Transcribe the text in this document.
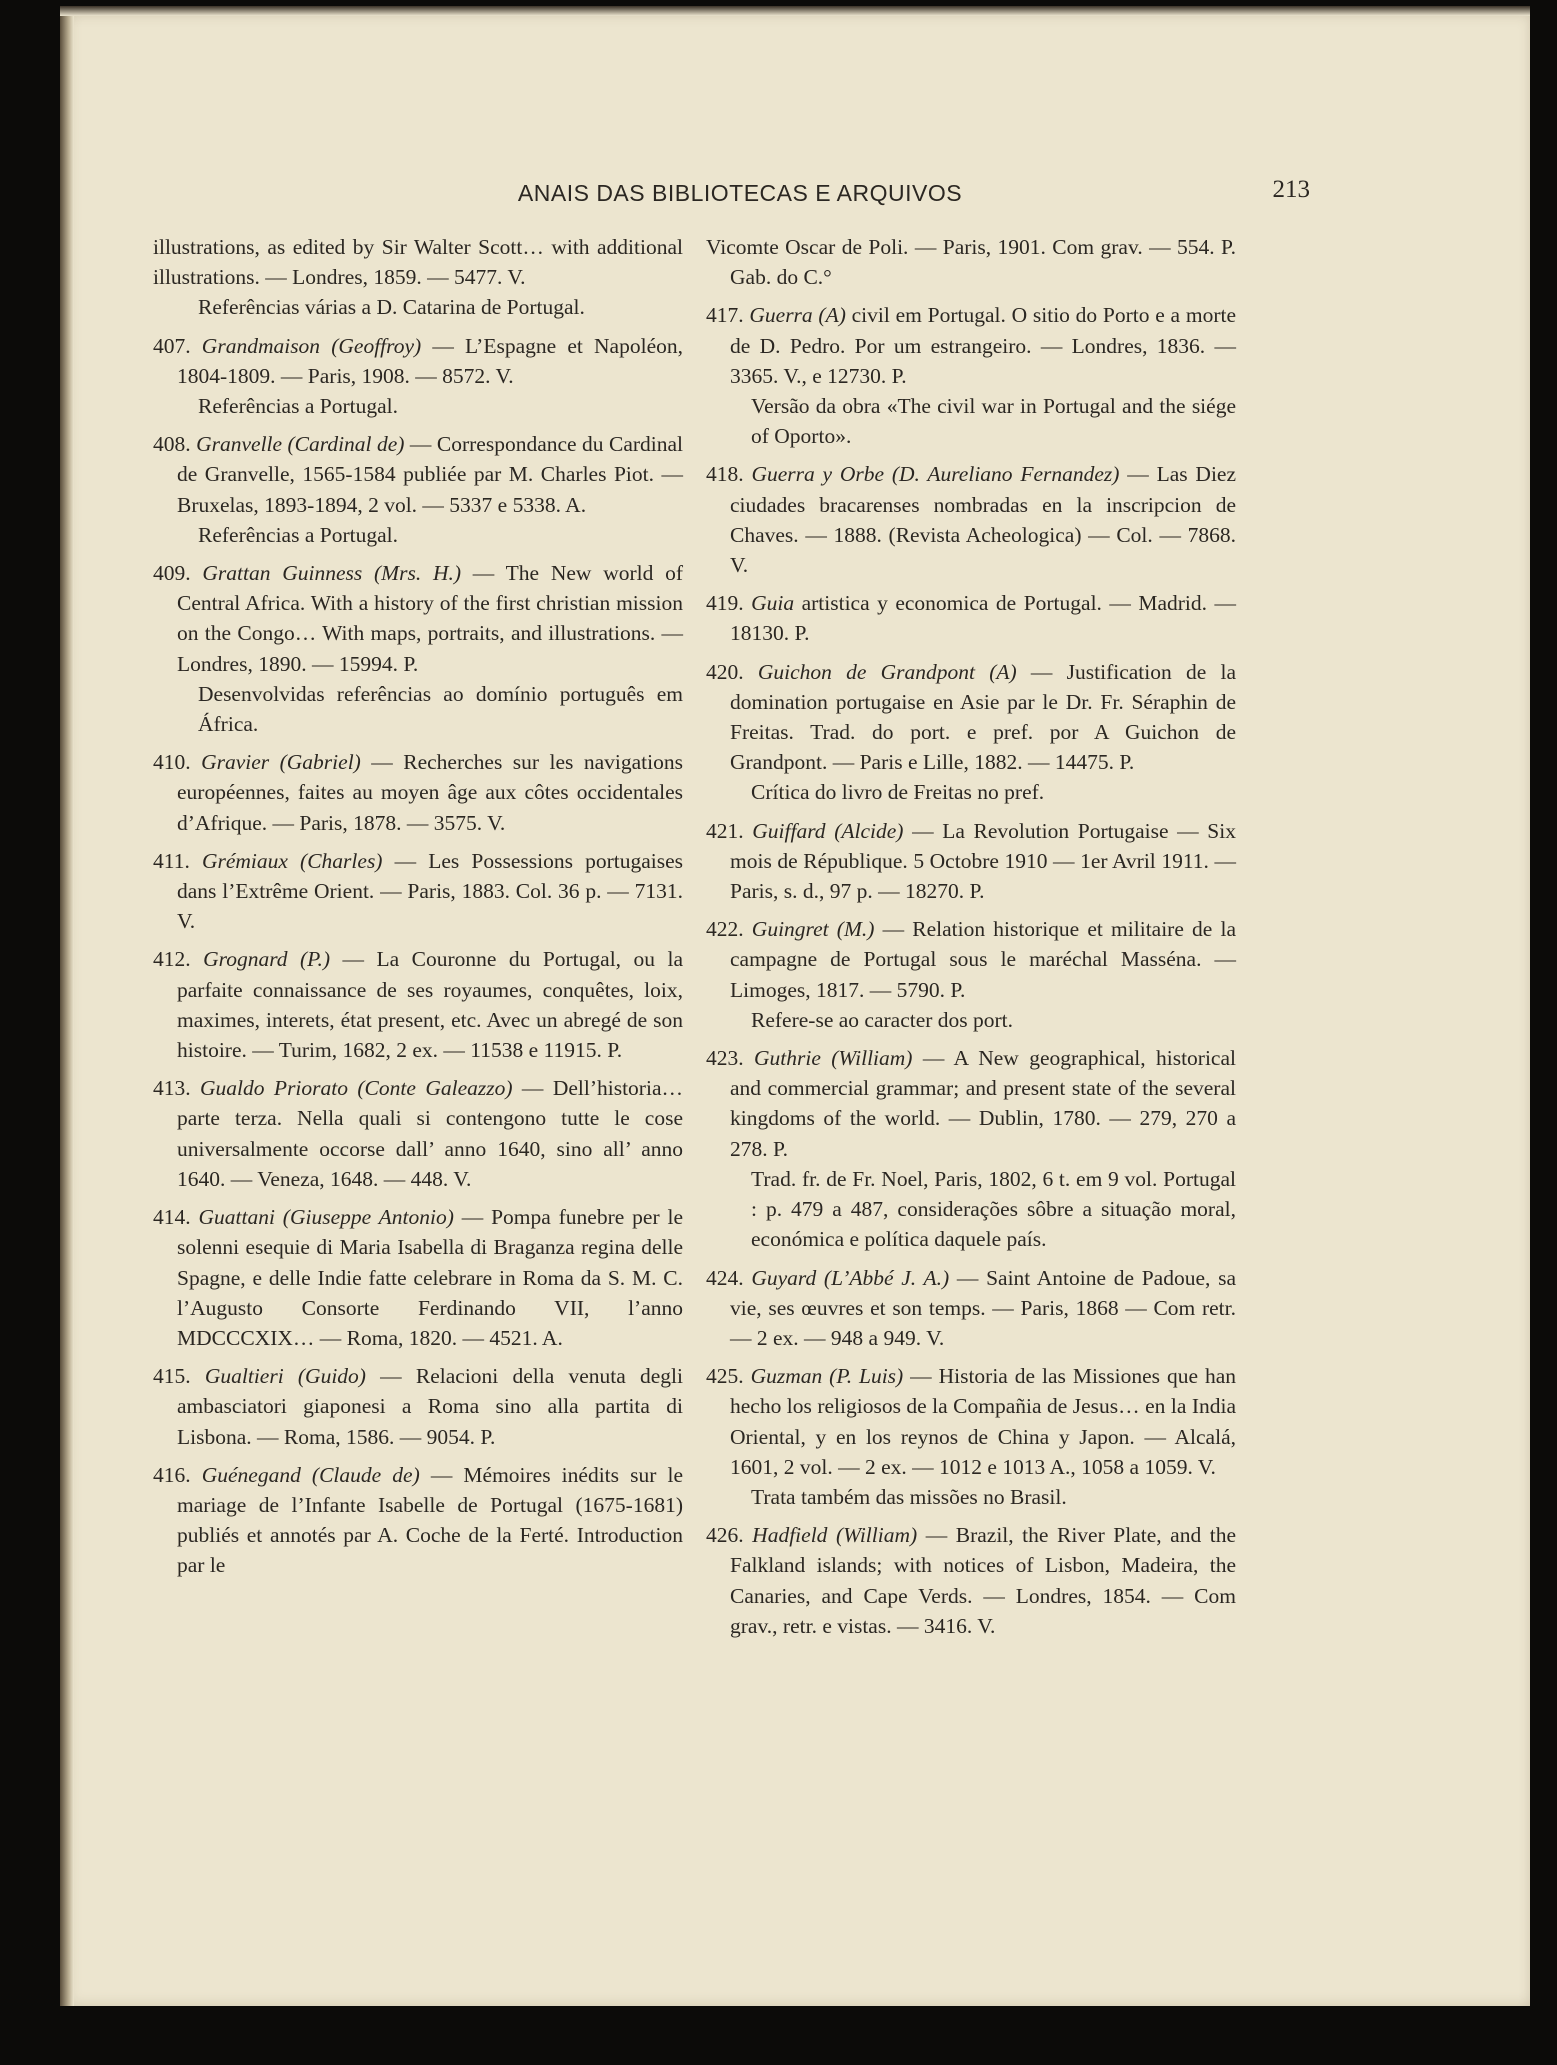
ANAIS DAS BIBLIOTECAS E ARQUIVOS	213
illustrations, as edited by Sir Walter Scott… with additional illustrations. — Londres, 1859. — 5477. V.
Referências várias a D. Catarina de Portugal.
407. Grandmaison (Geoffroy) — L’Espagne et Napoléon, 1804-1809. — Paris, 1908. — 8572. V.
Referências a Portugal.
408. Granvelle (Cardinal de) — Correspondance du Cardinal de Granvelle, 1565-1584 publiée par M. Charles Piot. — Bruxelas, 1893-1894, 2 vol. — 5337 e 5338. A.
Referências a Portugal.
409. Grattan Guinness (Mrs. H.) — The New world of Central Africa. With a history of the first christian mission on the Congo… With maps, portraits, and illustrations. — Londres, 1890. — 15994. P.
Desenvolvidas referências ao domínio português em África.
410. Gravier (Gabriel) — Recherches sur les navigations européennes, faites au moyen âge aux côtes occidentales d’Afrique. — Paris, 1878. — 3575. V.
411. Grémiaux (Charles) — Les Possessions portugaises dans l’Extrême Orient. — Paris, 1883. Col. 36 p. — 7131. V.
412. Grognard (P.) — La Couronne du Portugal, ou la parfaite connaissance de ses royaumes, conquêtes, loix, maximes, interets, état present, etc. Avec un abregé de son histoire. — Turim, 1682, 2 ex. — 11538 e 11915. P.
413. Gualdo Priorato (Conte Galeazzo) — Dell’historia… parte terza. Nella quali si contengono tutte le cose universalmente occorse dall’ anno 1640, sino all’ anno 1640. — Veneza, 1648. — 448. V.
414. Guattani (Giuseppe Antonio) — Pompa funebre per le solenni esequie di Maria Isabella di Braganza regina delle Spagne, e delle Indie fatte celebrare in Roma da S. M. C. l’Augusto Consorte Ferdinando VII, l’anno MDCCCXIX… — Roma, 1820. — 4521. A.
415. Gualtieri (Guido) — Relacioni della venuta degli ambasciatori giaponesi a Roma sino alla partita di Lisbona. — Roma, 1586. — 9054. P.
416. Guénegand (Claude de) — Mémoires inédits sur le mariage de l’Infante Isabelle de Portugal (1675-1681) publiés et annotés par A. Coche de la Ferté. Introduction par le
Vicomte Oscar de Poli. — Paris, 1901. Com grav. — 554. P. Gab. do C.°
417. Guerra (A) civil em Portugal. O sitio do Porto e a morte de D. Pedro. Por um estrangeiro. — Londres, 1836. — 3365. V., e 12730. P.
Versão da obra «The civil war in Portugal and the siége of Oporto».
418. Guerra y Orbe (D. Aureliano Fernandez) — Las Diez ciudades bracarenses nombradas en la inscripcion de Chaves. — 1888. (Revista Acheologica) — Col. — 7868. V.
419. Guia artistica y economica de Portugal. — Madrid. — 18130. P.
420. Guichon de Grandpont (A) — Justification de la domination portugaise en Asie par le Dr. Fr. Séraphin de Freitas. Trad. do port. e pref. por A Guichon de Grandpont. — Paris e Lille, 1882. — 14475. P.
Crítica do livro de Freitas no pref.
421. Guiffard (Alcide) — La Revolution Portugaise — Six mois de République. 5 Octobre 1910 — 1er Avril 1911. — Paris, s. d., 97 p. — 18270. P.
422. Guingret (M.) — Relation historique et militaire de la campagne de Portugal sous le maréchal Masséna. — Limoges, 1817. — 5790. P.
Refere-se ao caracter dos port.
423. Guthrie (William) — A New geographical, historical and commercial grammar; and present state of the several kingdoms of the world. — Dublin, 1780. — 279, 270 a 278. P.
Trad. fr. de Fr. Noel, Paris, 1802, 6 t. em 9 vol. Portugal : p. 479 a 487, considerações sôbre a situação moral, económica e política daquele país.
424. Guyard (L’Abbé J. A.) — Saint Antoine de Padoue, sa vie, ses œuvres et son temps. — Paris, 1868 — Com retr. — 2 ex. — 948 a 949. V.
425. Guzman (P. Luis) — Historia de las Missiones que han hecho los religiosos de la Compañia de Jesus… en la India Oriental, y en los reynos de China y Japon. — Alcalá, 1601, 2 vol. — 2 ex. — 1012 e 1013 A., 1058 a 1059. V.
Trata também das missões no Brasil.
426. Hadfield (William) — Brazil, the River Plate, and the Falkland islands; with notices of Lisbon, Madeira, the Canaries, and Cape Verds. — Londres, 1854. — Com grav., retr. e vistas. — 3416. V.
